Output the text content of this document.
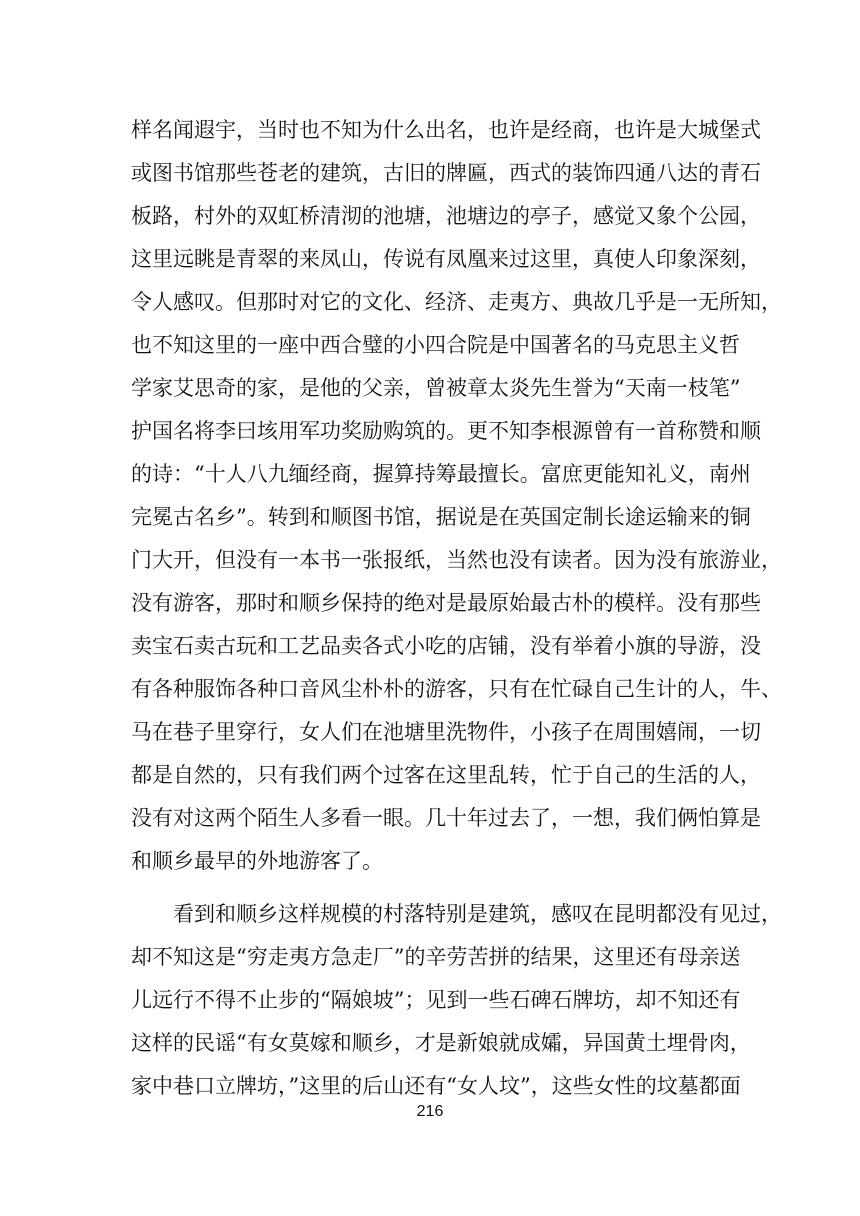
样名闻遐宇，当时也不知为什么出名，也许是经商，也许是大城堡式
或图书馆那些苍老的建筑，古旧的牌匾，西式的装饰四通八达的青石
板路，村外的双虹桥清沏的池塘，池塘边的亭子，感觉又象个公园，
这里远眺是青翠的来凤山，传说有凤凰来过这里，真使人印象深刻，
令人感叹。但那时对它的文化、经济、走夷方、典故几乎是一无所知，
也不知这里的一座中西合璧的小四合院是中国著名的马克思主义哲
学家艾思奇的家，是他的父亲，曾被章太炎先生誉为“天南一枝笔”
护国名将李曰垓用军功奖励购筑的。更不知李根源曾有一首称赞和顺
的诗：“十人八九缅经商，握算持筹最擅长。富庶更能知礼义，南州
完冕古名乡”。转到和顺图书馆，据说是在英国定制长途运输来的铜
门大开，但没有一本书一张报纸，当然也没有读者。因为没有旅游业，
没有游客，那时和顺乡保持的绝对是最原始最古朴的模样。没有那些
卖宝石卖古玩和工艺品卖各式小吃的店铺，没有举着小旗的导游，没
有各种服饰各种口音风尘朴朴的游客，只有在忙碌自己生计的人，牛、
马在巷子里穿行，女人们在池塘里洗物件，小孩子在周围嬉闹，一切
都是自然的，只有我们两个过客在这里乱转，忙于自己的生活的人，
没有对这两个陌生人多看一眼。几十年过去了，一想，我们俩怕算是
和顺乡最早的外地游客了。
看到和顺乡这样规模的村落特别是建筑，感叹在昆明都没有见过，
却不知这是“穷走夷方急走厂”的辛劳苦拼的结果，这里还有母亲送
儿远行不得不止步的“隔娘坡”；见到一些石碑石牌坊，却不知还有
这样的民谣“有女莫嫁和顺乡，才是新娘就成孀，异国黄土埋骨肉，
家中巷口立牌坊，”这里的后山还有“女人坟”，这些女性的坟墓都面
216
